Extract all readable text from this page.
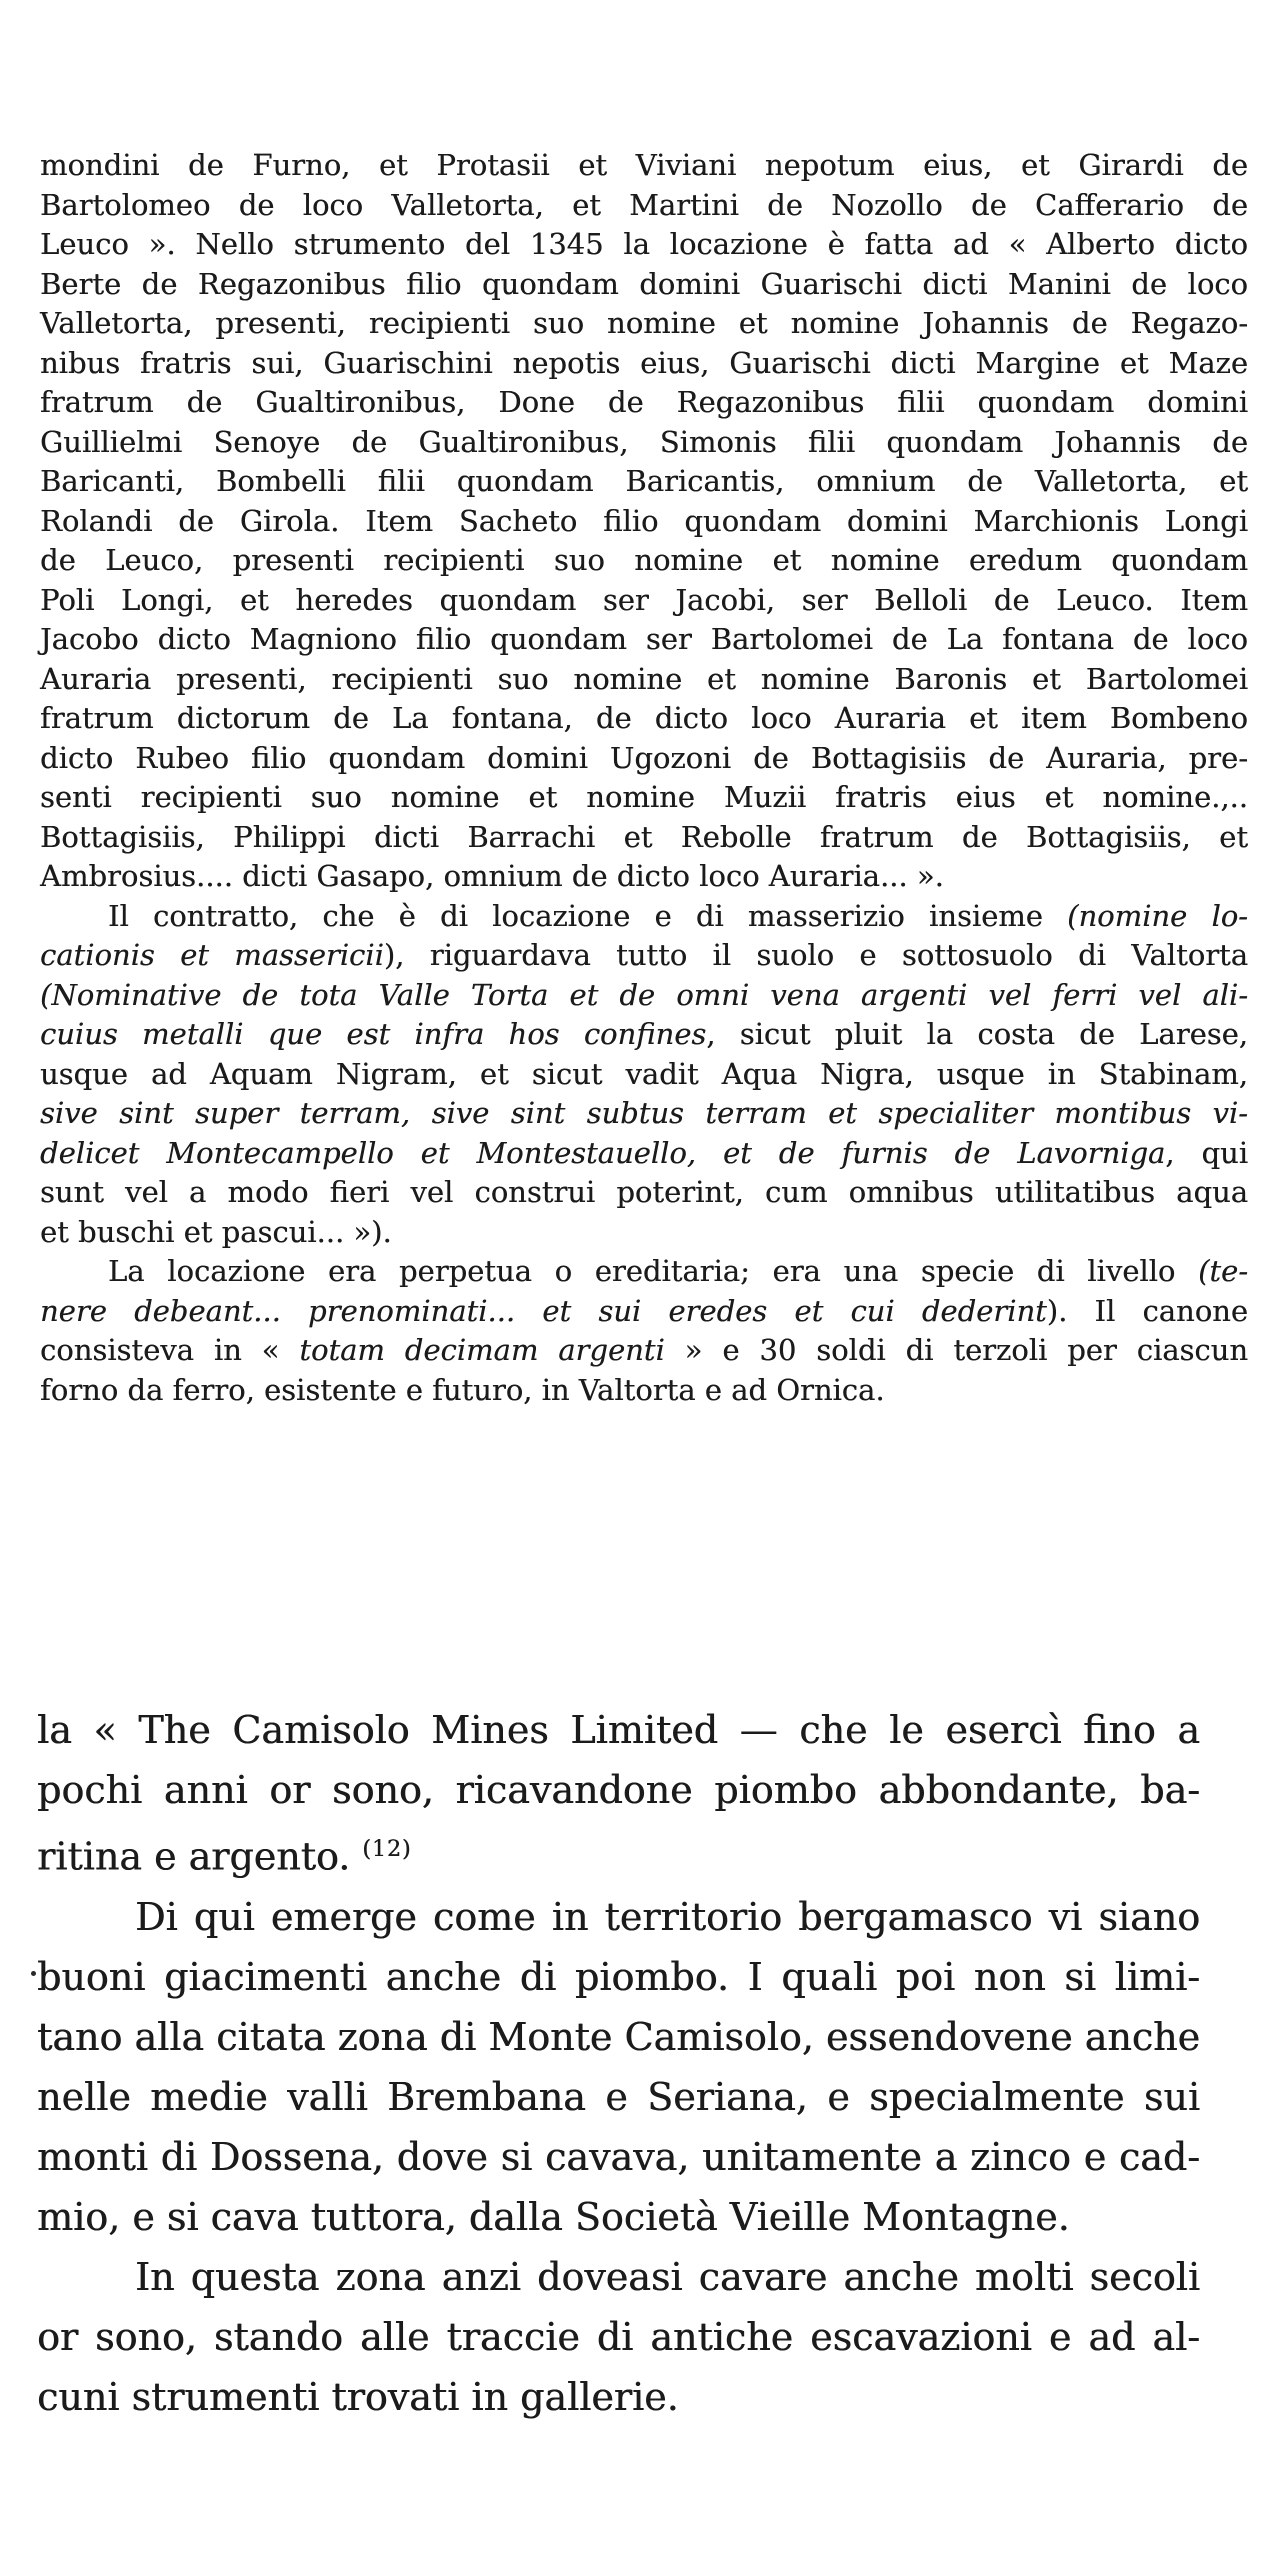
mondini de Furno, et Protasii et Viviani nepotum eius, et Girardi de
Bartolomeo de loco Valletorta, et Martini de Nozollo de Cafferario de
Leuco ». Nello strumento del 1345 la locazione è fatta ad « Alberto dicto
Berte de Regazonibus filio quondam domini Guarischi dicti Manini de loco
Valletorta, presenti, recipienti suo nomine et nomine Johannis de Regazo-
nibus fratris sui, Guarischini nepotis eius, Guarischi dicti Margine et Maze
fratrum de Gualtironibus, Done de Regazonibus filii quondam domini
Guillielmi Senoye de Gualtironibus, Simonis filii quondam Johannis de
Baricanti, Bombelli filii quondam Baricantis, omnium de Valletorta, et
Rolandi de Girola. Item Sacheto filio quondam domini Marchionis Longi
de Leuco, presenti recipienti suo nomine et nomine eredum quondam
Poli Longi, et heredes quondam ser Jacobi, ser Belloli de Leuco. Item
Jacobo dicto Magniono filio quondam ser Bartolomei de La fontana de loco
Auraria presenti, recipienti suo nomine et nomine Baronis et Bartolomei
fratrum dictorum de La fontana, de dicto loco Auraria et item Bombeno
dicto Rubeo filio quondam domini Ugozoni de Bottagisiis de Auraria, pre-
senti recipienti suo nomine et nomine Muzii fratris eius et nomine.,..
Bottagisiis, Philippi dicti Barrachi et Rebolle fratrum de Bottagisiis, et
Ambrosius.... dicti Gasapo, omnium de dicto loco Auraria... ».
Il contratto, che è di locazione e di masserizio insieme (nomine lo-
cationis et massericii), riguardava tutto il suolo e sottosuolo di Valtorta
(Nominative de tota Valle Torta et de omni vena argenti vel ferri vel ali-
cuius metalli que est infra hos confines, sicut pluit la costa de Larese,
usque ad Aquam Nigram, et sicut vadit Aqua Nigra, usque in Stabinam,
sive sint super terram, sive sint subtus terram et specialiter montibus vi-
delicet Montecampello et Montestauello, et de furnis de Lavorniga, qui
sunt vel a modo fieri vel construi poterint, cum omnibus utilitatibus aqua
et buschi et pascui... »).
La locazione era perpetua o ereditaria; era una specie di livello (te-
nere debeant... prenominati... et sui eredes et cui dederint). Il canone
consisteva in « totam decimam argenti » e 30 soldi di terzoli per ciascun
forno da ferro, esistente e futuro, in Valtorta e ad Ornica.
la « The Camisolo Mines Limited — che le esercì fino a
pochi anni or sono, ricavandone piombo abbondante, ba-
ritina e argento. $^{(12)}$
Di qui emerge come in territorio bergamasco vi siano
buoni giacimenti anche di piombo. I quali poi non si limi-
tano alla citata zona di Monte Camisolo, essendovene anche
nelle medie valli Brembana e Seriana, e specialmente sui
monti di Dossena, dove si cavava, unitamente a zinco e cad-
mio, e si cava tuttora, dalla Società Vieille Montagne.
In questa zona anzi doveasi cavare anche molti secoli
or sono, stando alle traccie di antiche escavazioni e ad al-
cuni strumenti trovati in gallerie.
